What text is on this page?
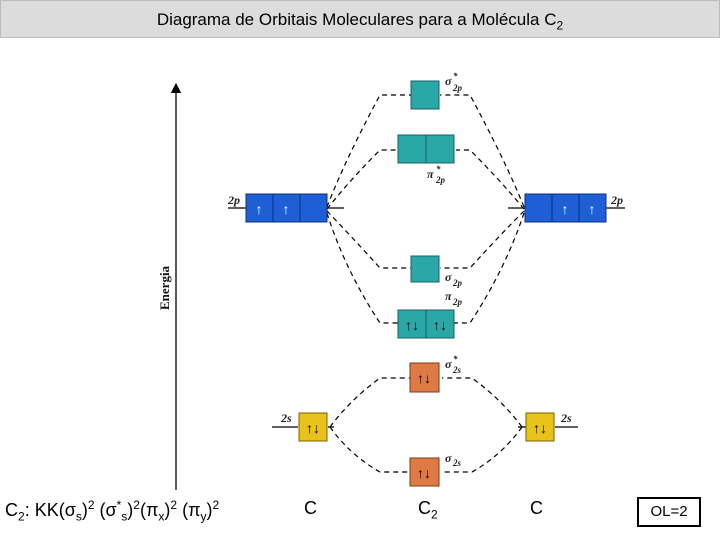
Diagrama de Orbitais Moleculares para a Molécula $C_2$
Energia
σ *
2p
π *
2p
↑ ↑
2p
↑ ↑
2p
σ 2p
π 2p
↑↓ ↑↓
↑↓
σ *
2s
↑↓
2s
↑↓
2s
σ 2s
↑↓
$C_2$: $KK(\sigma_s)^2$ $(\sigma^*_s)^2(\pi_x)^2$ $(\pi_y)^2$	C	$C_2$	C	OL=2
